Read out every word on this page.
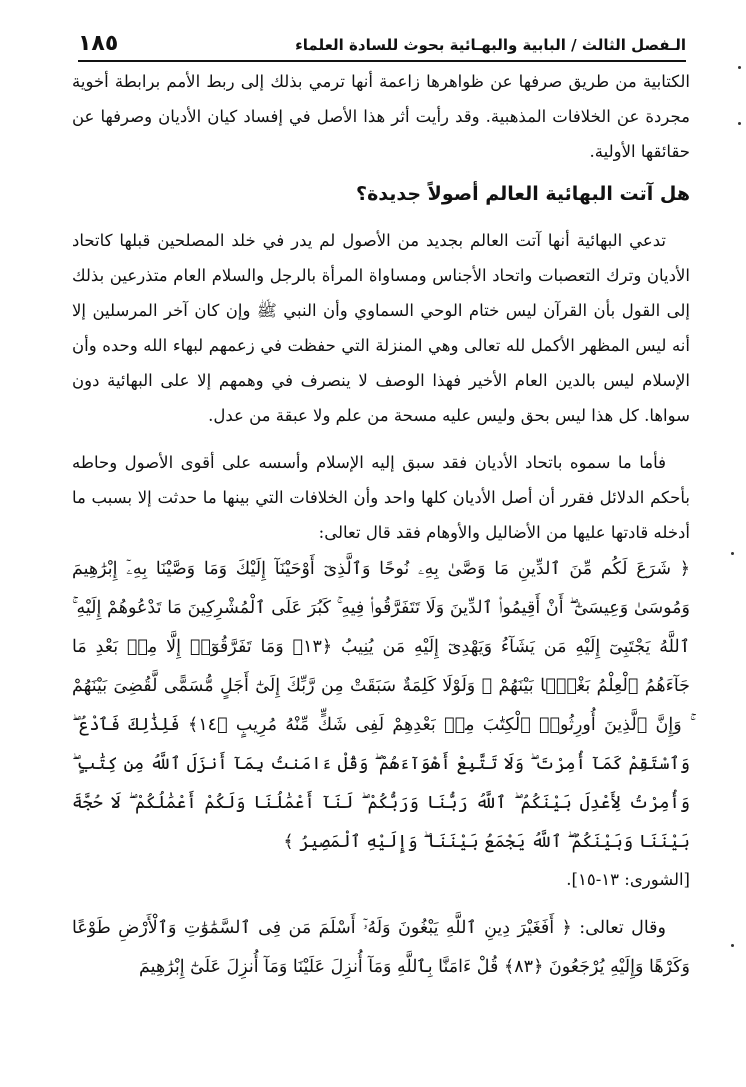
الـفصل الثالث / البابية والبهـائية بحوث للسادة العلماء
١٨٥

الكتابية من طريق صرفها عن ظواهرها زاعمة أنها ترمي بذلك إلى ربط الأمم برابطة أخوية مجردة عن الخلافات المذهبية. وقد رأيت أثر هذا الأصل في إفساد كيان الأديان وصرفها عن حقائقها الأولية.

هل آتت البهائية العالم أصولاً جديدة؟

تدعي البهائية أنها آتت العالم بجديد من الأصول لم يدر في خلد المصلحين قبلها كاتحاد الأديان وترك التعصبات واتحاد الأجناس ومساواة المرأة بالرجل والسلام العام متذرعين بذلك إلى القول بأن القرآن ليس ختام الوحي السماوي وأن النبي ﷺ وإن كان آخر المرسلين إلا أنه ليس المظهر الأكمل لله تعالى وهي المنزلة التي حفظت في زعمهم لبهاء الله وحده وأن الإسلام ليس بالدين العام الأخير فهذا الوصف لا ينصرف في وهمهم إلا على البهائية دون سواها. كل هذا ليس بحق وليس عليه مسحة من علم ولا عبقة من عدل.

فأما ما سموه باتحاد الأديان فقد سبق إليه الإسلام وأسسه على أقوى الأصول وحاطه بأحكم الدلائل فقرر أن أصل الأديان كلها واحد وأن الخلافات التي بينها ما حدثت إلا بسبب ما أدخله قادتها عليها من الأضاليل والأوهام فقد قال تعالى:

﴿ شَرَعَ لَكُم مِّنَ ٱلدِّينِ مَا وَصَّىٰ بِهِۦ نُوحًا وَٱلَّذِىٓ أَوْحَيْنَآ إِلَيْكَ وَمَا وَصَّيْنَا بِهِۦٓ إِبْرَٰهِيمَ وَمُوسَىٰ وَعِيسَىٰٓ ۖ أَنْ أَقِيمُوا۟ ٱلدِّينَ وَلَا تَتَفَرَّقُوا۟ فِيهِ ۚ كَبُرَ عَلَى ٱلْمُشْرِكِينَ مَا تَدْعُوهُمْ إِلَيْهِ ۚ ٱللَّهُ يَجْتَبِىٓ إِلَيْهِ مَن يَشَآءُ وَيَهْدِىٓ إِلَيْهِ مَن يُنِيبُ ﴿١٣﴾ وَمَا تَفَرَّقُوٓا۟ إِلَّا مِنۢ بَعْدِ مَا جَآءَهُمُ ٱلْعِلْمُ بَغْيًۢا بَيْنَهُمْ ۚ وَلَوْلَا كَلِمَةٌ سَبَقَتْ مِن رَّبِّكَ إِلَىٰٓ أَجَلٍ مُّسَمًّى لَّقُضِىَ بَيْنَهُمْ ۚ وَإِنَّ ٱلَّذِينَ أُورِثُوا۟ ٱلْكِتَٰبَ مِنۢ بَعْدِهِمْ لَفِى شَكٍّ مِّنْهُ مُرِيبٍ ﴿١٤﴾ فَلِذَٰلِكَ فَٱدْعُ ۖ وَٱسْتَقِمْ كَمَآ أُمِرْتَ ۖ وَلَا تَتَّبِعْ أَهْوَآءَهُمْ ۖ وَقُلْ ءَامَنتُ بِمَآ أَنزَلَ ٱللَّهُ مِن كِتَٰبٍ ۖ وَأُمِرْتُ لِأَعْدِلَ بَيْنَكُمُ ۖ ٱللَّهُ رَبُّنَا وَرَبُّكُمْ ۖ لَنَآ أَعْمَٰلُنَا وَلَكُمْ أَعْمَٰلُكُمْ ۖ لَا حُجَّةَ بَيْنَنَا وَبَيْنَكُمُ ۖ ٱللَّهُ يَجْمَعُ بَيْنَنَا ۖ وَإِلَيْهِ ٱلْمَصِيرُ ﴾

[الشورى: ١٣-١٥].

وقال تعالى: ﴿ أَفَغَيْرَ دِينِ ٱللَّهِ يَبْغُونَ وَلَهُۥٓ أَسْلَمَ مَن فِى ٱلسَّمَٰوَٰتِ وَٱلْأَرْضِ طَوْعًا وَكَرْهًا وَإِلَيْهِ يُرْجَعُونَ ﴿٨٣﴾ قُلْ ءَامَنَّا بِٱللَّهِ وَمَآ أُنزِلَ عَلَيْنَا وَمَآ أُنزِلَ عَلَىٰٓ إِبْرَٰهِيمَ
